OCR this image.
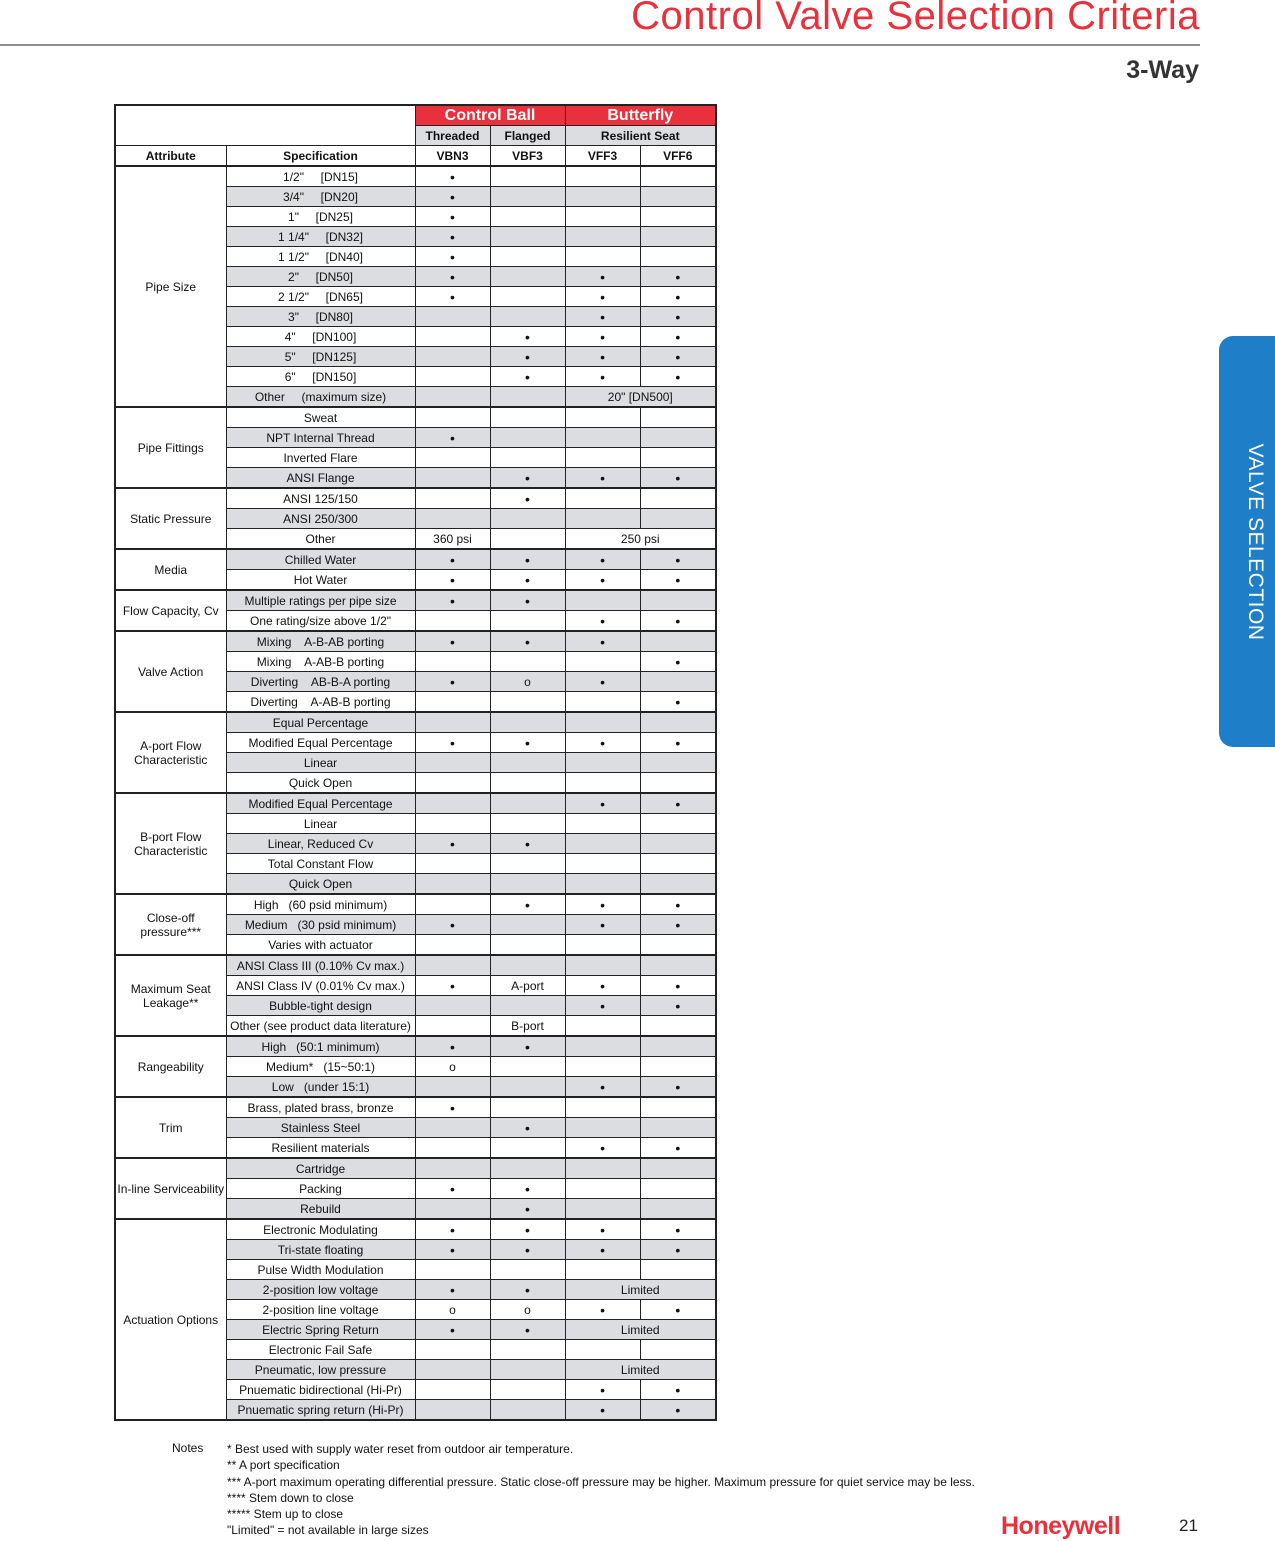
Control Valve Selection Criteria
3-Way
VALVE SELECTION
		Control Ball		Butterfly	
		Threaded	Flanged	Resilient Seat	
Attribute	Specification	VBN3	VBF3	VFF3	VFF6
Pipe Size	1/2"     [DN15]	•			
	3/4"     [DN20]	•			
	1"     [DN25]	•			
	1 1/4"     [DN32]	•			
	1 1/2"     [DN40]	•			
	2"     [DN50]	•		•	•
	2 1/2"     [DN65]	•		•	•
	3"     [DN80]			•	•
	4"     [DN100]		•	•	•
	5"     [DN125]		•	•	•
	6"     [DN150]		•	•	•
	Other     (maximum size)			20" [DN500]	
Pipe Fittings	Sweat				
	NPT Internal Thread	•			
	Inverted Flare				
	ANSI Flange		•	•	•
Static Pressure	ANSI 125/150		•		
	ANSI 250/300				
	Other	360 psi		250 psi	
Media	Chilled Water	•	•	•	•
	Hot Water	•	•	•	•
Flow Capacity, Cv	Multiple ratings per pipe size	•	•		
	One rating/size above 1/2"			•	•
Valve Action	Mixing    A-B-AB porting	•	•	•	
	Mixing    A-AB-B porting				•
	Diverting    AB-B-A porting	•	o	•	
	Diverting    A-AB-B porting				•
A-port Flow Characteristic	Equal Percentage				
	Modified Equal Percentage	•	•	•	•
	Linear				
	Quick Open				
B-port Flow Characteristic	Modified Equal Percentage			•	•
	Linear				
	Linear, Reduced Cv	•	•		
	Total Constant Flow				
	Quick Open				
Close-off pressure***	High   (60 psid minimum)		•	•	•
	Medium   (30 psid minimum)	•		•	•
	Varies with actuator				
Maximum Seat Leakage**	ANSI Class III (0.10% Cv max.)				
	ANSI Class IV (0.01% Cv max.)	•	A-port	•	•
	Bubble-tight design			•	•
	Other (see product data literature)		B-port		
Rangeability	High   (50:1 minimum)	•	•		
	Medium*   (15~50:1)	o			
	Low   (under 15:1)			•	•
Trim	Brass, plated brass, bronze	•			
	Stainless Steel		•		
	Resilient materials			•	•
In-line Serviceability	Cartridge				
	Packing	•	•		
	Rebuild		•		
Actuation Options	Electronic Modulating	•	•	•	•
	Tri-state floating	•	•	•	•
	Pulse Width Modulation				
	2-position low voltage	•	•	Limited	
	2-position line voltage	o	o	•	•
	Electric Spring Return	•	•	Limited	
	Electronic Fail Safe				
	Pneumatic, low pressure			Limited	
	Pnuematic bidirectional (Hi-Pr)			•	•
	Pnuematic spring return (Hi-Pr)			•	•
Notes * Best used with supply water reset from outdoor air temperature.
** A port specification
*** A-port maximum operating differential pressure. Static close-off pressure may be higher. Maximum pressure for quiet service may be less.
**** Stem down to close
***** Stem up to close
"Limited" = not available in large sizes	Honeywell	21
